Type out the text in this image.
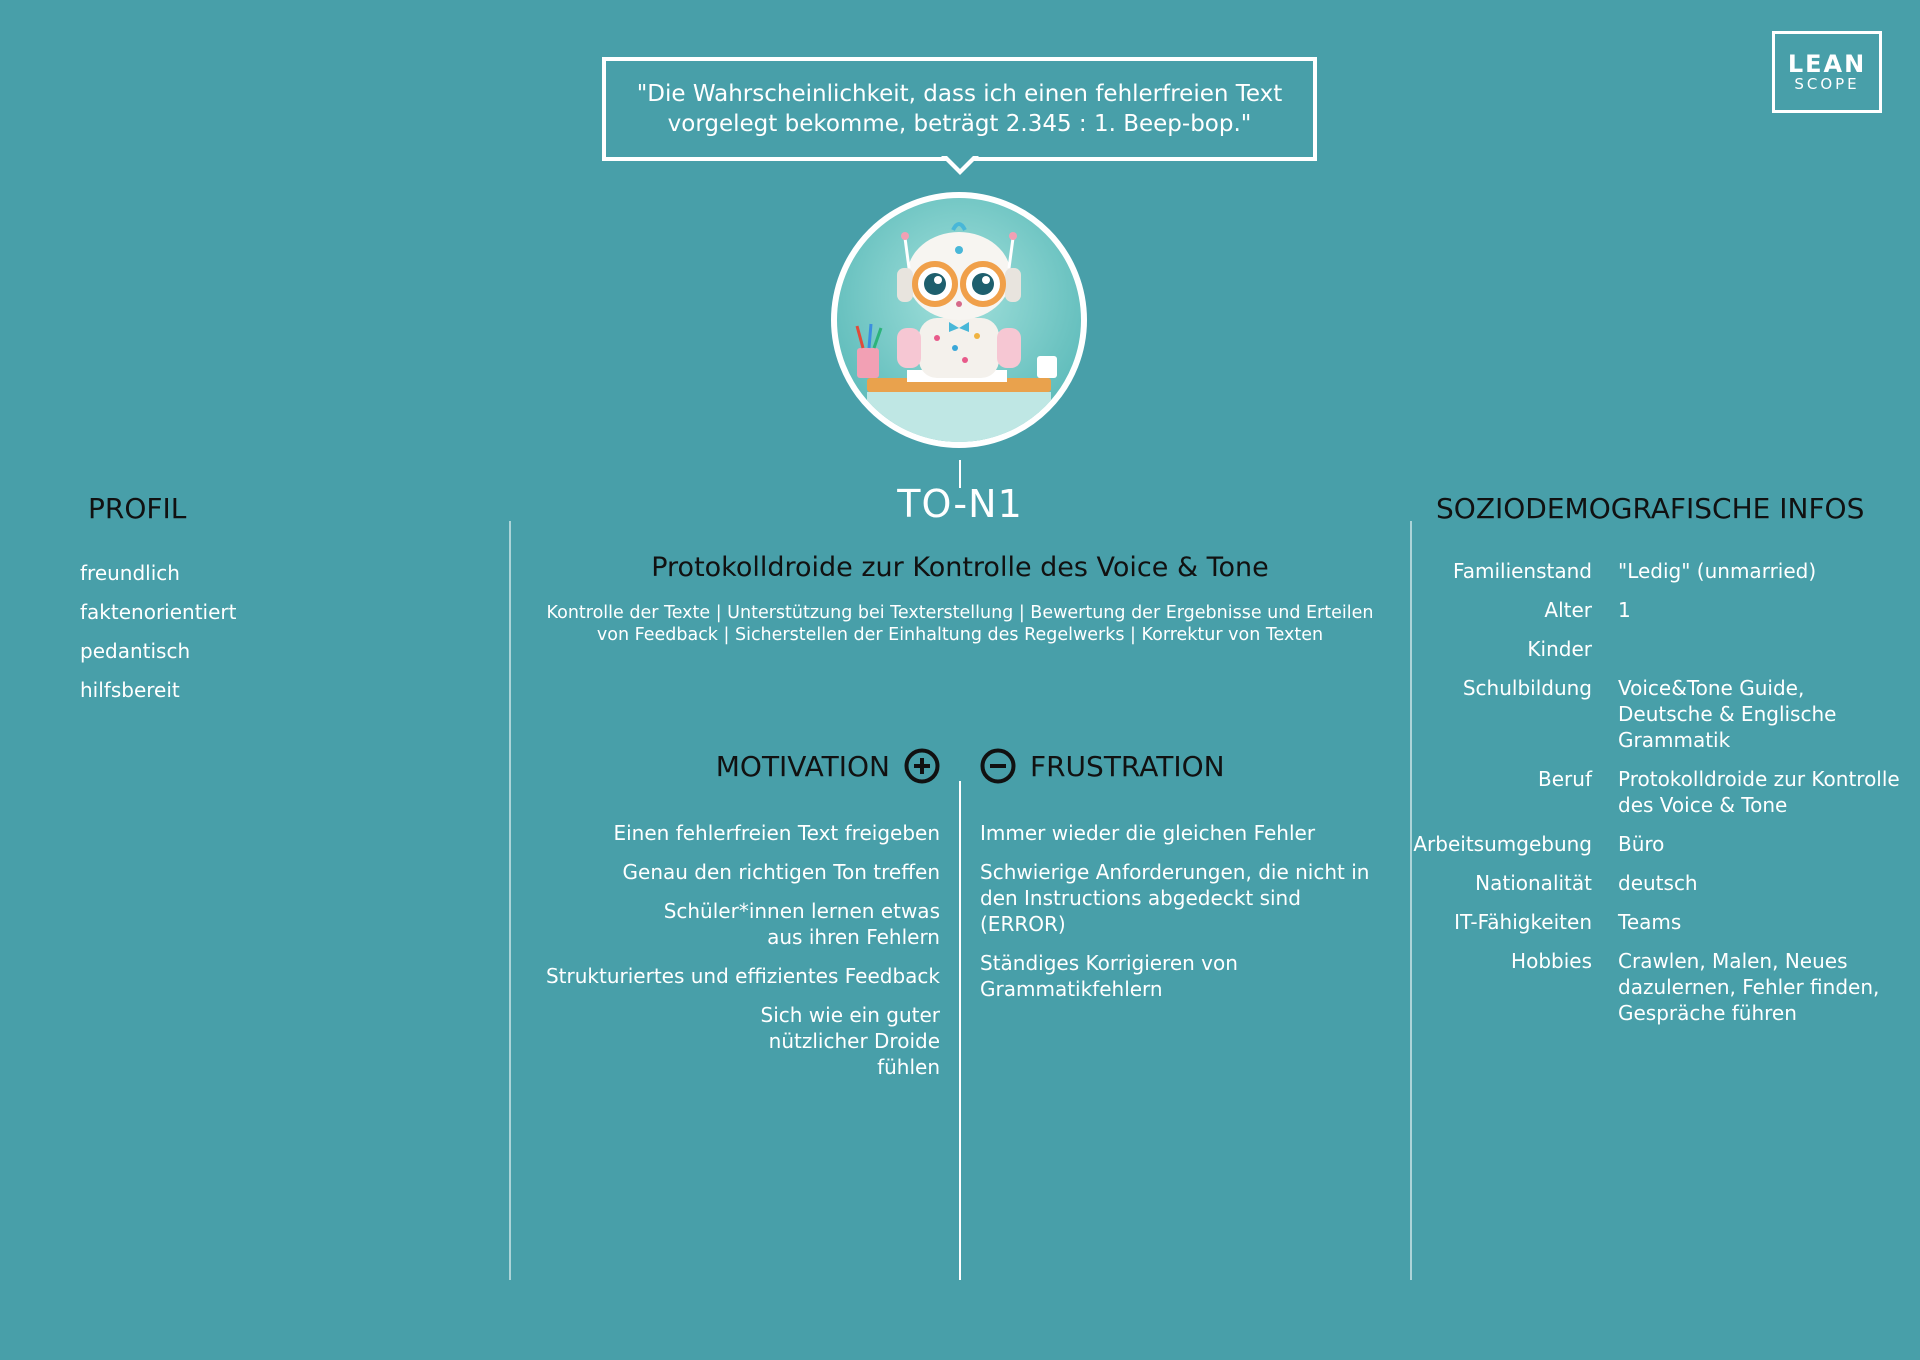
LEAN
SCOPE
"Die Wahrscheinlichkeit, dass ich einen fehlerfreien Text vorgelegt bekomme, beträgt 2.345 : 1. Beep-bop."
TO-N1
PROFIL
freundlich
faktenorientiert
pedantisch
hilfsbereit
Protokolldroide zur Kontrolle des Voice & Tone
Kontrolle der Texte | Unterstützung bei Texterstellung | Bewertung der Ergebnisse und Erteilen von Feedback | Sicherstellen der Einhaltung des Regelwerks | Korrektur von Texten
MOTIVATION
Einen fehlerfreien Text freigeben
Genau den richtigen Ton treffen
Schüler*innen lernen etwas aus ihren Fehlern
Strukturiertes und effizientes Feedback
Sich wie ein guter nützlicher Droide fühlen
FRUSTRATION
Immer wieder die gleichen Fehler
Schwierige Anforderungen, die nicht in den Instructions abgedeckt sind (ERROR)
Ständiges Korrigieren von Grammatikfehlern
SOZIODEMOGRAFISCHE INFOS
Familienstand "Ledig" (unmarried)
Alter 1
Kinder
Schulbildung Voice&Tone Guide, Deutsche & Englische Grammatik
Beruf Protokolldroide zur Kontrolle des Voice & Tone
Arbeitsumgebung Büro
Nationalität deutsch
IT-Fähigkeiten Teams
Hobbies Crawlen, Malen, Neues dazulernen, Fehler finden, Gespräche führen
